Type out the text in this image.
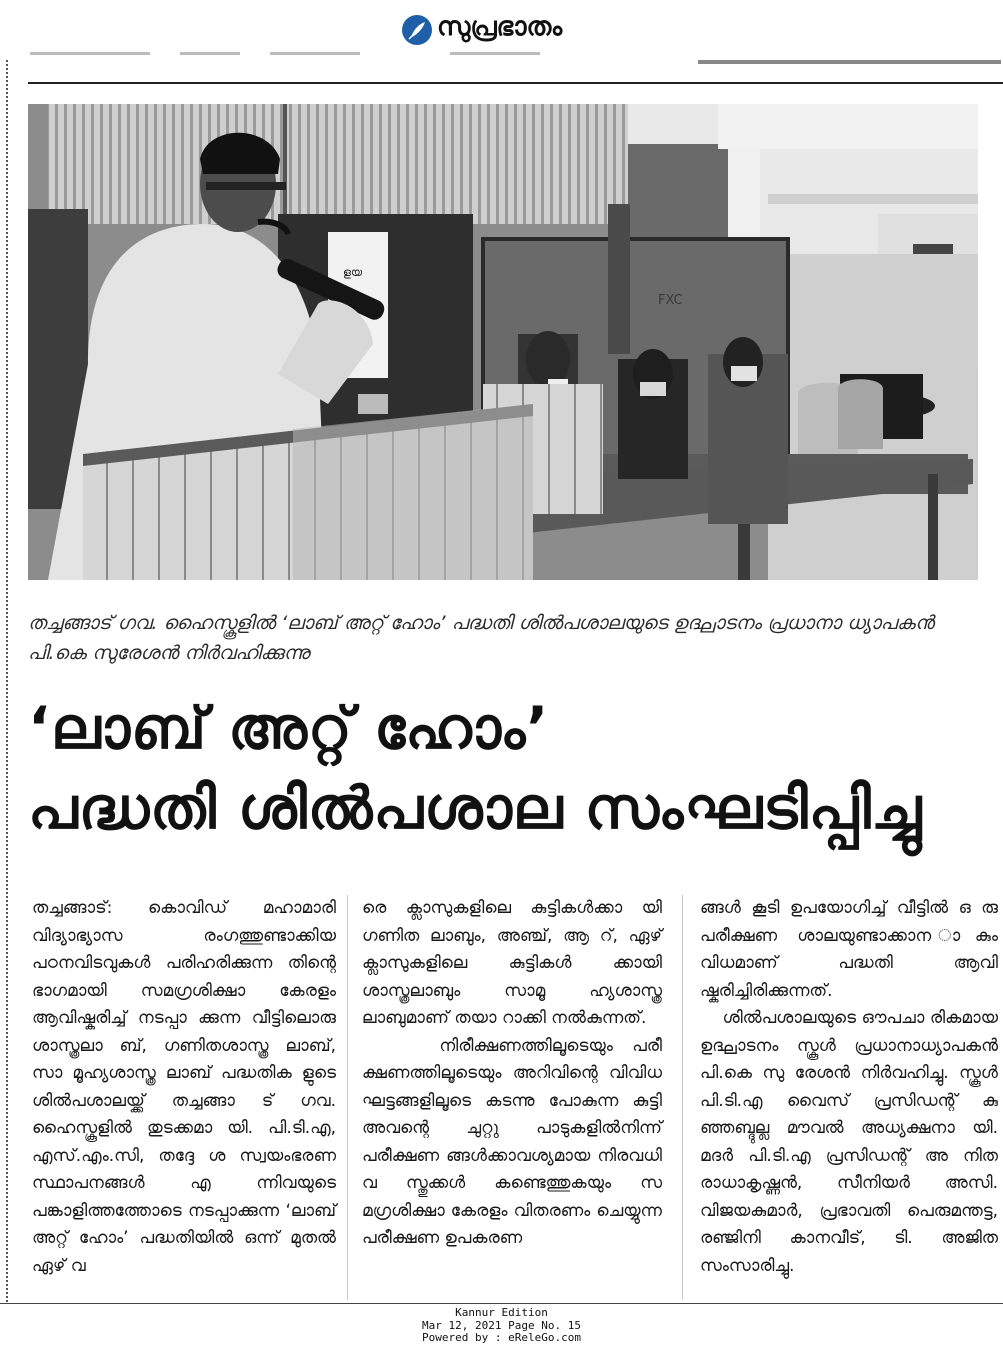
സുപ്രഭാതം
ളയ
FXC
തച്ചങ്ങാട് ഗവ. ഹൈസ്കൂളിൽ ‘ലാബ് അറ്റ് ഹോം’ പദ്ധതി ശിൽപശാലയുടെ ഉദ്ഘാടനം പ്രധാനാ ധ്യാപകൻ പി.കെ സുരേശൻ നിർവഹിക്കുന്നു
‘ലാബ് അറ്റ് ഹോം’
പദ്ധതി ശിൽപശാല സംഘടിപ്പിച്ചു
തച്ചങ്ങാട്: കൊവിഡ് മഹാമാരി വിദ്യാഭ്യാസ രംഗത്തുണ്ടാക്കിയ പഠനവിടവുകൾ പരിഹരിക്കുന്ന തിന്റെ ഭാഗമായി സമഗ്രശിക്ഷാ കേരളം ആവിഷ്കരിച്ച് നടപ്പാ ക്കുന്ന വീട്ടിലൊരു ശാസ്ത്രലാ ബ്, ഗണിതശാസ്ത്ര ലാബ്, സാ മൂഹ്യശാസ്ത്ര ലാബ് പദ്ധതിക ളുടെ ശിൽപശാലയ്ക്ക് തച്ചങ്ങാ ട് ഗവ. ഹൈസ്കൂളിൽ തുടക്കമാ യി. പി.ടി.എ, എസ്.എം.സി, തദ്ദേ ശ സ്വയംഭരണ സ്ഥാപനങ്ങൾ എ ന്നിവയുടെ പങ്കാളിത്തത്തോടെ നടപ്പാക്കുന്ന ‘ലാബ് അറ്റ് ഹോം’ പദ്ധതിയിൽ ഒന്ന് മുതൽ ഏഴ് വ
രെ ക്ലാസുകളിലെ കുട്ടികൾക്കാ യി ഗണിത ലാബും, അഞ്ച്, ആ റ്, ഏഴ് ക്ലാസുകളിലെ കുട്ടികൾ ക്കായി ശാസ്ത്രലാബും സാമൂ ഹ്യശാസ്ത്ര ലാബുമാണ് തയാ റാക്കി നൽകുന്നത്.
നിരീക്ഷണത്തിലൂടെയും പരീ ക്ഷണത്തിലൂടെയും അറിവിന്റെ വിവിധ ഘട്ടങ്ങളിലൂടെ കടന്നു പോകുന്ന കുട്ടി അവന്റെ ചുറ്റു പാടുകളിൽനിന്ന് പരീക്ഷണ ങ്ങൾക്കാവശ്യമായ നിരവധി വ സ്തുക്കൾ കണ്ടെത്തുകയും സ മഗ്രശിക്ഷാ കേരളം വിതരണം ചെയ്യുന്ന പരീക്ഷണ ഉപകരണ
ങ്ങൾ കൂടി ഉപയോഗിച്ച് വീട്ടിൽ ഒ രു പരീക്ഷണ ശാലയുണ്ടാക്കാന ാകും വിധമാണ് പദ്ധതി ആവി ഷ്കരിച്ചിരിക്കുന്നത്.
ശിൽപശാലയുടെ ഔപചാ രികമായ ഉദ്ഘാടനം സ്കൂൾ പ്രധാനാധ്യാപകൻ പി.കെ സു രേശൻ നിർവഹിച്ചു. സ്കൂൾ പി.ടി.എ വൈസ് പ്രസിഡന്റ് കു ഞ്ഞബ്ദുല്ല മൗവൽ അധ്യക്ഷനാ യി. മദർ പി.ടി.എ പ്രസിഡന്റ് അ നിത രാധാകൃഷ്ണൻ, സീനിയർ അസി. വിജയകുമാർ, പ്രഭാവതി പെരുമന്തട്ട, രഞ്ജിനി കാനവീട്, ടി. അജിത സംസാരിച്ചു.
Kannur Edition
Mar 12, 2021 Page No. 15
Powered by : eReleGo.com
